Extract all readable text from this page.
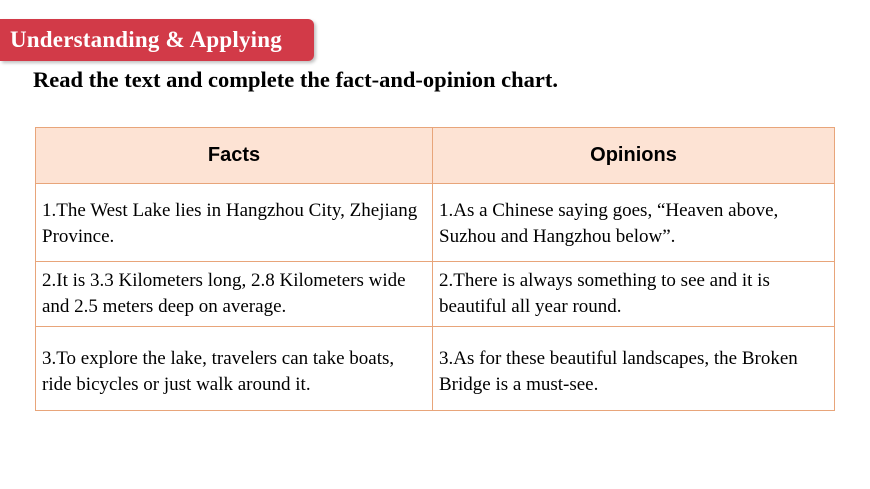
Understanding & Applying
Read the text and complete the fact-and-opinion chart.
Facts	Opinions

1.The West Lake lies in Hangzhou City, Zhejiang Province.	1.As a Chinese saying goes, “Heaven above, Suzhou and Hangzhou below”.

2.It is 3.3 Kilometers long, 2.8 Kilometers wide and 2.5 meters deep on average.	2.There is always something to see and it is beautiful all year round.

3.To explore the lake, travelers can take boats, ride bicycles or just walk around it.	3.As for these beautiful landscapes, the Broken Bridge is a must-see.
